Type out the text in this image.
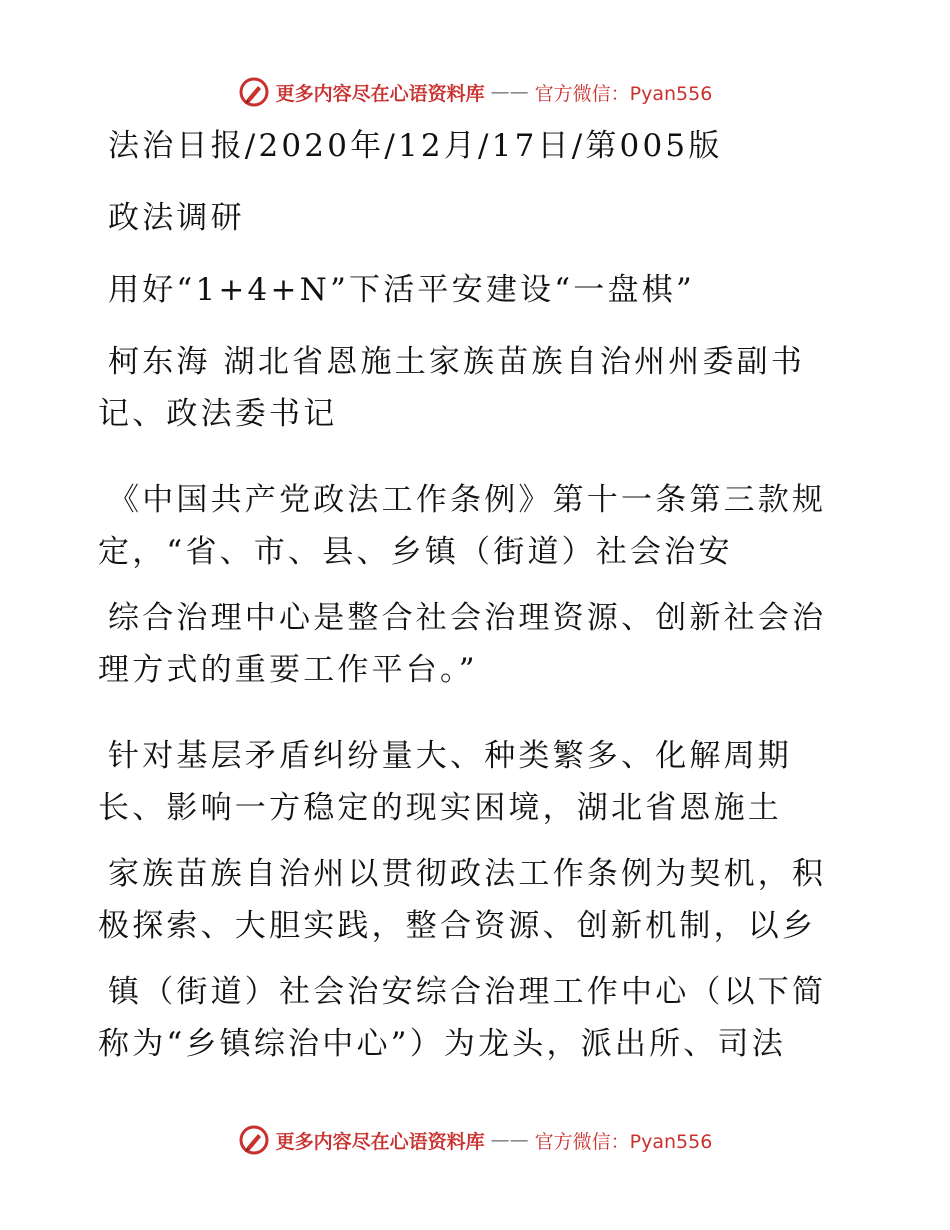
更多内容尽在心语资料库 —— 官方微信：Pyan556
法治日报/2020年/12月/17日/第005版
政法调研
用好“1+4+N”下活平安建设“一盘棋”
柯东海 湖北省恩施土家族苗族自治州州委副书
记、政法委书记
《中国共产党政法工作条例》第十一条第三款规
定，“省、市、县、乡镇（街道）社会治安
综合治理中心是整合社会治理资源、创新社会治
理方式的重要工作平台。”
针对基层矛盾纠纷量大、种类繁多、化解周期
长、影响一方稳定的现实困境，湖北省恩施土
家族苗族自治州以贯彻政法工作条例为契机，积
极探索、大胆实践，整合资源、创新机制，以乡
镇（街道）社会治安综合治理工作中心（以下简
称为“乡镇综治中心”）为龙头，派出所、司法
更多内容尽在心语资料库 —— 官方微信：Pyan556
